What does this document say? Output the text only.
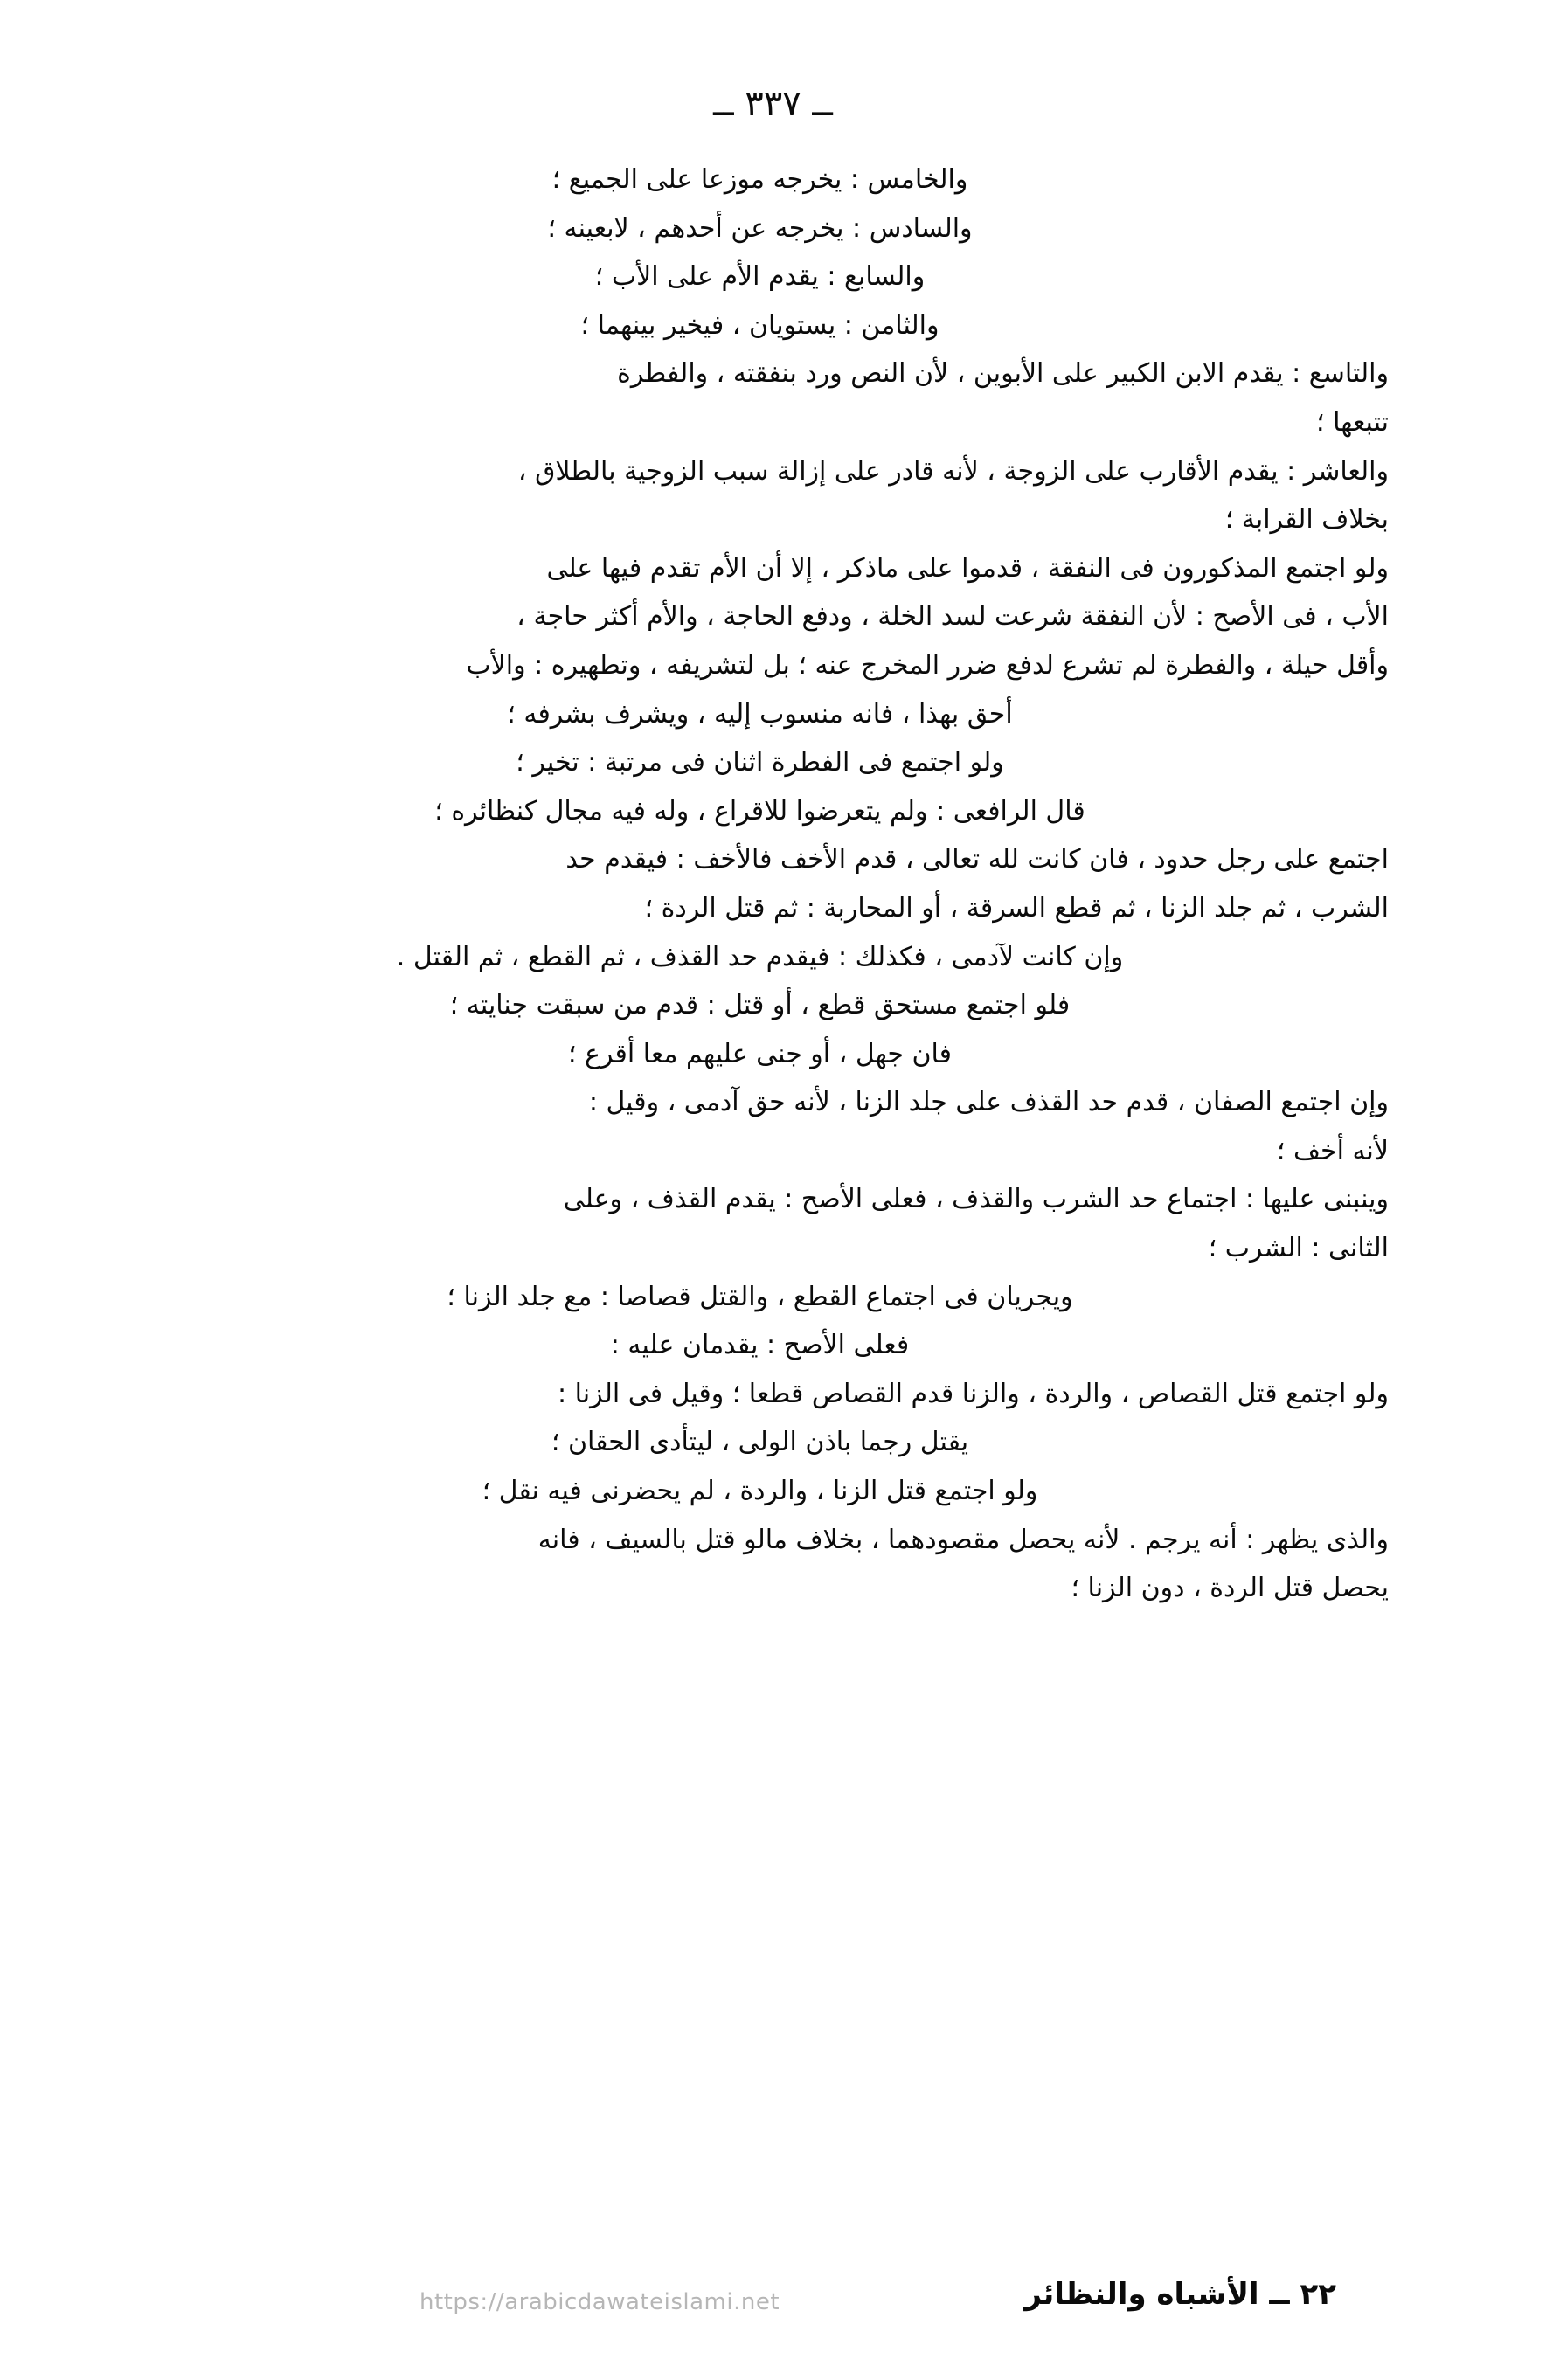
ــ ٣٣٧ ــ

والخامس : يخرجه موزعا على الجميع ؛

والسادس : يخرجه عن أحدهم ، لابعينه ؛

والسابع : يقدم الأم على الأب ؛

والثامن : يستويان ، فيخير بينهما ؛

والتاسع : يقدم الابن الكبير على الأبوين ، لأن النص ورد بنفقته ، والفطرة

تتبعها ؛

والعاشر : يقدم الأقارب على الزوجة ، لأنه قادر على إزالة سبب الزوجية بالطلاق ،

بخلاف القرابة ؛

ولو اجتمع المذكورون فى النفقة ، قدموا على ماذكر ، إلا أن الأم تقدم فيها على

الأب ، فى الأصح : لأن النفقة شرعت لسد الخلة ، ودفع الحاجة ، والأم أكثر حاجة ،

وأقل حيلة ، والفطرة لم تشرع لدفع ضرر المخرج عنه ؛ بل لتشريفه ، وتطهيره : والأب

أحق بهذا ، فانه منسوب إليه ، ويشرف بشرفه ؛

ولو اجتمع فى الفطرة اثنان فى مرتبة : تخير ؛

قال الرافعى : ولم يتعرضوا للاقراع ، وله فيه مجال كنظائره ؛

اجتمع على رجل حدود ، فان كانت لله تعالى ، قدم الأخف فالأخف : فيقدم حد

الشرب ، ثم جلد الزنا ، ثم قطع السرقة ، أو المحاربة : ثم قتل الردة ؛

وإن كانت لآدمى ، فكذلك : فيقدم حد القذف ، ثم القطع ، ثم القتل .

فلو اجتمع مستحق قطع ، أو قتل : قدم من سبقت جنايته ؛

فان جهل ، أو جنى عليهم معا أقرع ؛

وإن اجتمع الصفان ، قدم حد القذف على جلد الزنا ، لأنه حق آدمى ، وقيل :

لأنه أخف ؛

وينبنى عليها : اجتماع حد الشرب والقذف ، فعلى الأصح : يقدم القذف ، وعلى

الثانى : الشرب ؛

ويجريان فى اجتماع القطع ، والقتل قصاصا : مع جلد الزنا ؛

فعلى الأصح : يقدمان عليه :

ولو اجتمع قتل القصاص ، والردة ، والزنا قدم القصاص قطعا ؛ وقيل فى الزنا :

يقتل رجما باذن الولى ، ليتأدى الحقان ؛

ولو اجتمع قتل الزنا ، والردة ، لم يحضرنى فيه نقل ؛

والذى يظهر : أنه يرجم . لأنه يحصل مقصودهما ، بخلاف مالو قتل بالسيف ، فانه

يحصل قتل الردة ، دون الزنا ؛

٢٢ ــ الأشباه والنظائر
https://arabicdawateislami.net
